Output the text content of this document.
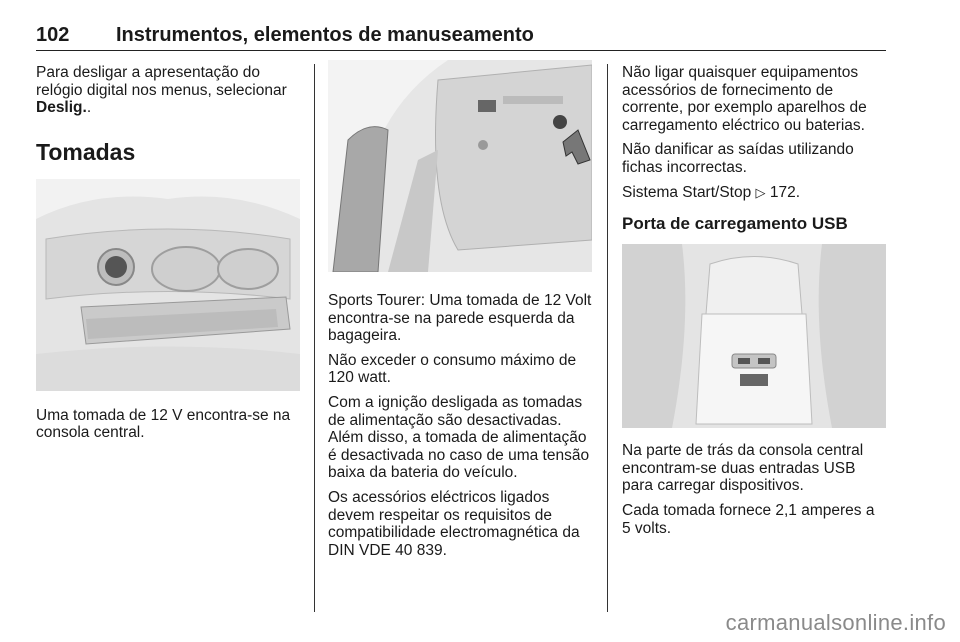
102 Instrumentos, elementos de manuseamento

Para desligar a apresentação do relógio digital nos menus, selecionar Deslig..

Tomadas

Uma tomada de 12 V encontra-se na consola central.

Sports Tourer: Uma tomada de 12 Volt encontra-se na parede esquerda da bagageira.

Não exceder o consumo máximo de 120 watt.

Com a ignição desligada as tomadas de alimentação são desactivadas. Além disso, a tomada de alimentação é desactivada no caso de uma tensão baixa da bateria do veículo.

Os acessórios eléctricos ligados devem respeitar os requisitos de compatibilidade electromagnética da DIN VDE 40 839.

Não ligar quaisquer equipamentos acessórios de fornecimento de corrente, por exemplo aparelhos de carregamento eléctrico ou baterias.

Não danificar as saídas utilizando fichas incorrectas.

Sistema Start/Stop ▷ 172.

Porta de carregamento USB

Na parte de trás da consola central encontram-se duas entradas USB para carregar dispositivos.

Cada tomada fornece 2,1 amperes a 5 volts.

carmanualsonline.info
